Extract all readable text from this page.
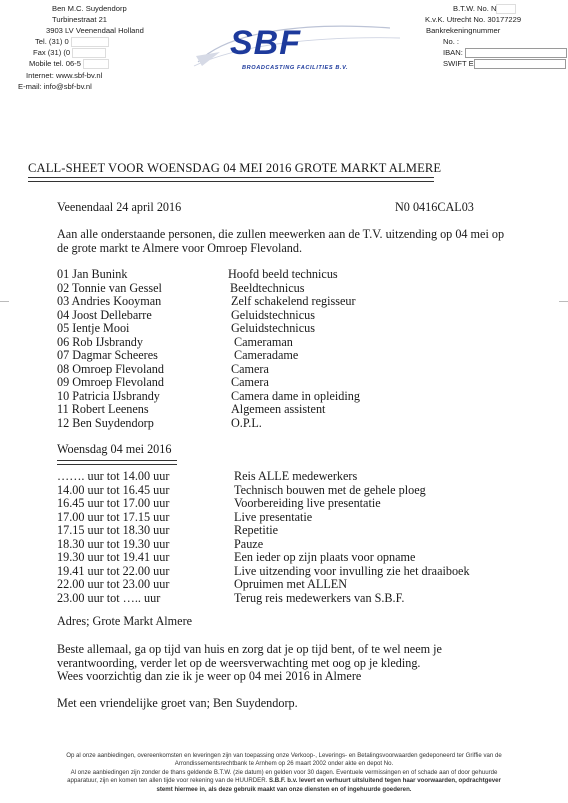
Ben M.C. Suydendorp
Turbinestraat 21
3903 LV Veenendaal Holland
Tel. (31) 0
Fax (31) (0
Mobile tel. 06-5
Internet: www.sbf-bv.nl
E-mail: info@sbf-bv.nl
SBF
BROADCASTING FACILITIES B.V.
B.T.W. No. N
K.v.K. Utrecht No. 30177229
Bankrekeningnummer
No. :
IBAN:
SWIFT E
CALL-SHEET VOOR WOENSDAG 04 MEI 2016 GROTE MARKT ALMERE
Veenendaal 24 april 2016	N0 0416CAL03
Aan alle onderstaande personen, die zullen meewerken aan de T.V. uitzending op 04 mei op
de grote markt te Almere voor Omroep Flevoland.
01 Jan Bunink	Hoofd beeld technicus
02 Tonnie van Gessel	Beeldtechnicus
03 Andries Kooyman	Zelf schakelend regisseur
04 Joost Dellebarre	Geluidstechnicus
05 Ientje Mooi	Geluidstechnicus
06 Rob IJsbrandy	Cameraman
07 Dagmar Scheeres	Cameradame
08 Omroep Flevoland	Camera
09 Omroep Flevoland	Camera
10 Patricia IJsbrandy	Camera dame in opleiding
11 Robert Leenens	Algemeen assistent
12 Ben Suydendorp	O.P.L.
Woensdag 04 mei 2016
……. uur tot 14.00 uur	Reis ALLE medewerkers
14.00 uur tot 16.45 uur	Technisch bouwen met de gehele ploeg
16.45 uur tot 17.00 uur	Voorbereiding live presentatie
17.00 uur tot 17.15 uur	Live presentatie
17.15 uur tot 18.30 uur	Repetitie
18.30 uur tot 19.30 uur	Pauze
19.30 uur tot 19.41 uur	Een ieder op zijn plaats voor opname
19.41 uur tot 22.00 uur	Live uitzending voor invulling zie het draaiboek
22.00 uur tot 23.00 uur	Opruimen met ALLEN
23.00 uur tot ….. uur	Terug reis medewerkers van S.B.F.
Adres; Grote Markt Almere
Beste allemaal, ga op tijd van huis en zorg dat je op tijd bent, of te wel neem je
verantwoording, verder let op de weersverwachting met oog op je kleding.
Wees voorzichtig dan zie ik je weer op 04 mei 2016 in Almere
Met een vriendelijke groet van; Ben Suydendorp.
Op al onze aanbiedingen, overeenkomsten en leveringen zijn van toepassing onze Verkoop-, Leverings- en Betalingsvoorwaarden gedeponeerd ter Griffie van de
Arrondissementsrechtbank te Arnhem op 26 maart 2002 onder akte en depot No.
Al onze aanbiedingen zijn zonder de thans geldende B.T.W. (zie datum) en gelden voor 30 dagen. Eventuele vermissingen en of schade aan of door gehuurde
apparatuur, zijn en komen ten allen tijde voor rekening van de HUURDER. S.B.F. b.v. levert en verhuurt uitsluitend tegen haar voorwaarden, opdrachtgever
stemt hiermee in, als deze gebruik maakt van onze diensten en of ingehuurde goederen.
